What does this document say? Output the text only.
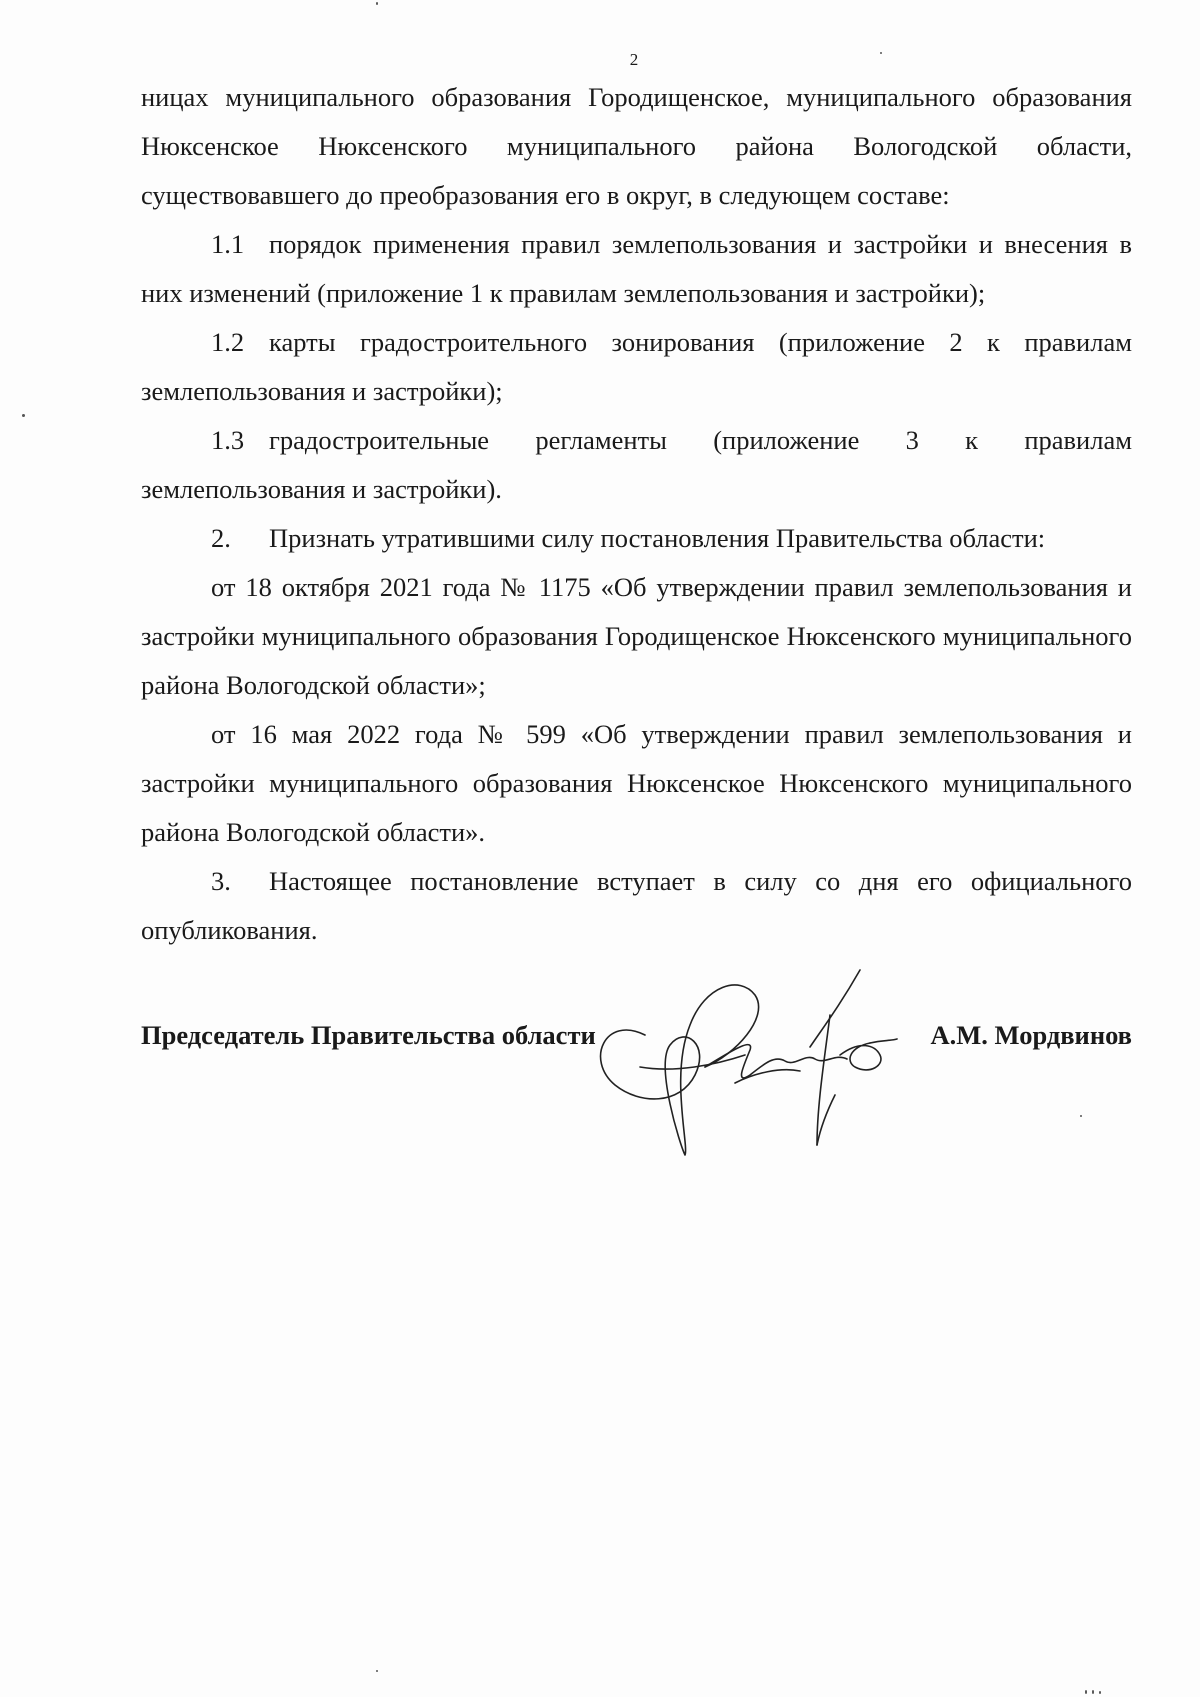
2

ницах муниципального образования Городищенское, муниципального образования Нюксенское Нюксенского муниципального района Вологодской области, существовавшего до преобразования его в округ, в следующем составе:

1.1 порядок применения правил землепользования и застройки и внесения в них изменений (приложение 1 к правилам землепользования и застройки);

1.2 карты градостроительного зонирования (приложение 2 к правилам землепользования и застройки);

1.3 градостроительные регламенты (приложение 3 к правилам землепользования и застройки).

2. Признать утратившими силу постановления Правительства области:

от 18 октября 2021 года № 1175 «Об утверждении правил землепользования и застройки муниципального образования Городищенское Нюксенского муниципального района Вологодской области»;

от 16 мая 2022 года № 599 «Об утверждении правил землепользования и застройки муниципального образования Нюксенское Нюксенского муниципального района Вологодской области».

3. Настоящее постановление вступает в силу со дня его официального опубликования.

Председатель Правительства области	А.М. Мордвинов
